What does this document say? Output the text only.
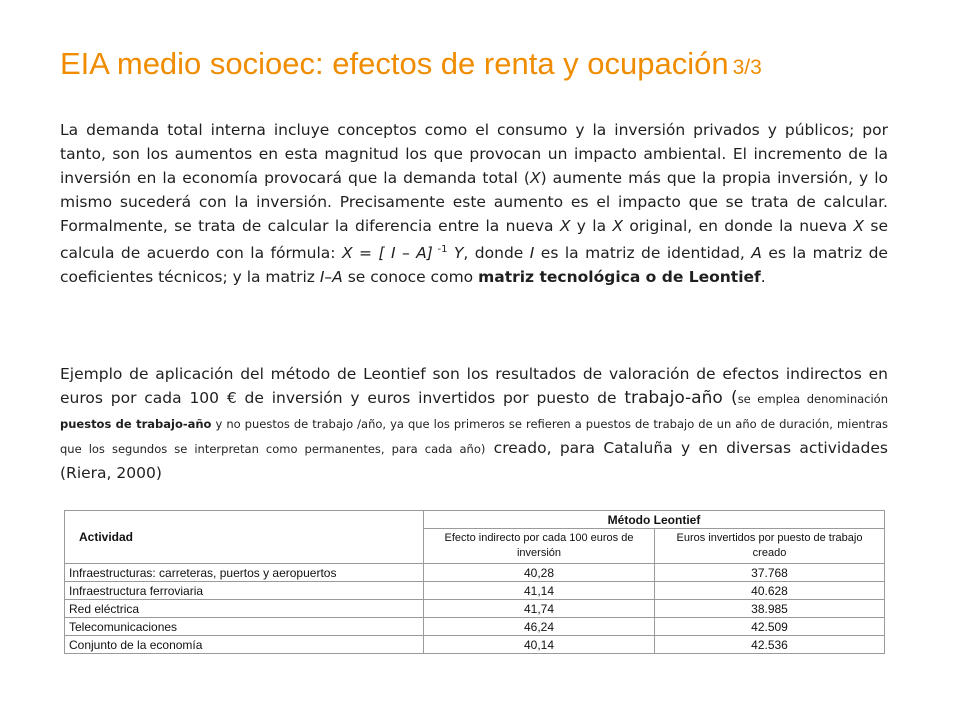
EIA medio socioec: efectos de renta y ocupación 3/3
La demanda total interna incluye conceptos como el consumo y la inversión privados y públicos; por tanto, son los aumentos en esta magnitud los que provocan un impacto ambiental. El incremento de la inversión en la economía provocará que la demanda total (X) aumente más que la propia inversión, y lo mismo sucederá con la inversión. Precisamente este aumento es el impacto que se trata de calcular. Formalmente, se trata de calcular la diferencia entre la nueva X y la X original, en donde la nueva X se calcula de acuerdo con la fórmula: X = [ I – A] $^{-1}$ Y, donde I es la matriz de identidad, A es la matriz de coeficientes técnicos; y la matriz I–A se conoce como matriz tecnológica o de Leontief.
Ejemplo de aplicación del método de Leontief son los resultados de valoración de efectos indirectos en euros por cada 100 € de inversión y euros invertidos por puesto de trabajo-año (se emplea denominación puestos de trabajo-año y no puestos de trabajo /año, ya que los primeros se refieren a puestos de trabajo de un año de duración, mientras que los segundos se interpretan como permanentes, para cada año) creado, para Cataluña y en diversas actividades (Riera, 2000)
Actividad	Método Leontief	
	Efecto indirecto por cada 100 euros de inversión	Euros invertidos por puesto de trabajo creado
Infraestructuras: carreteras, puertos y aeropuertos	40,28	37.768
Infraestructura ferroviaria	41,14	40.628
Red eléctrica	41,74	38.985
Telecomunicaciones	46,24	42.509
Conjunto de la economía	40,14	42.536
